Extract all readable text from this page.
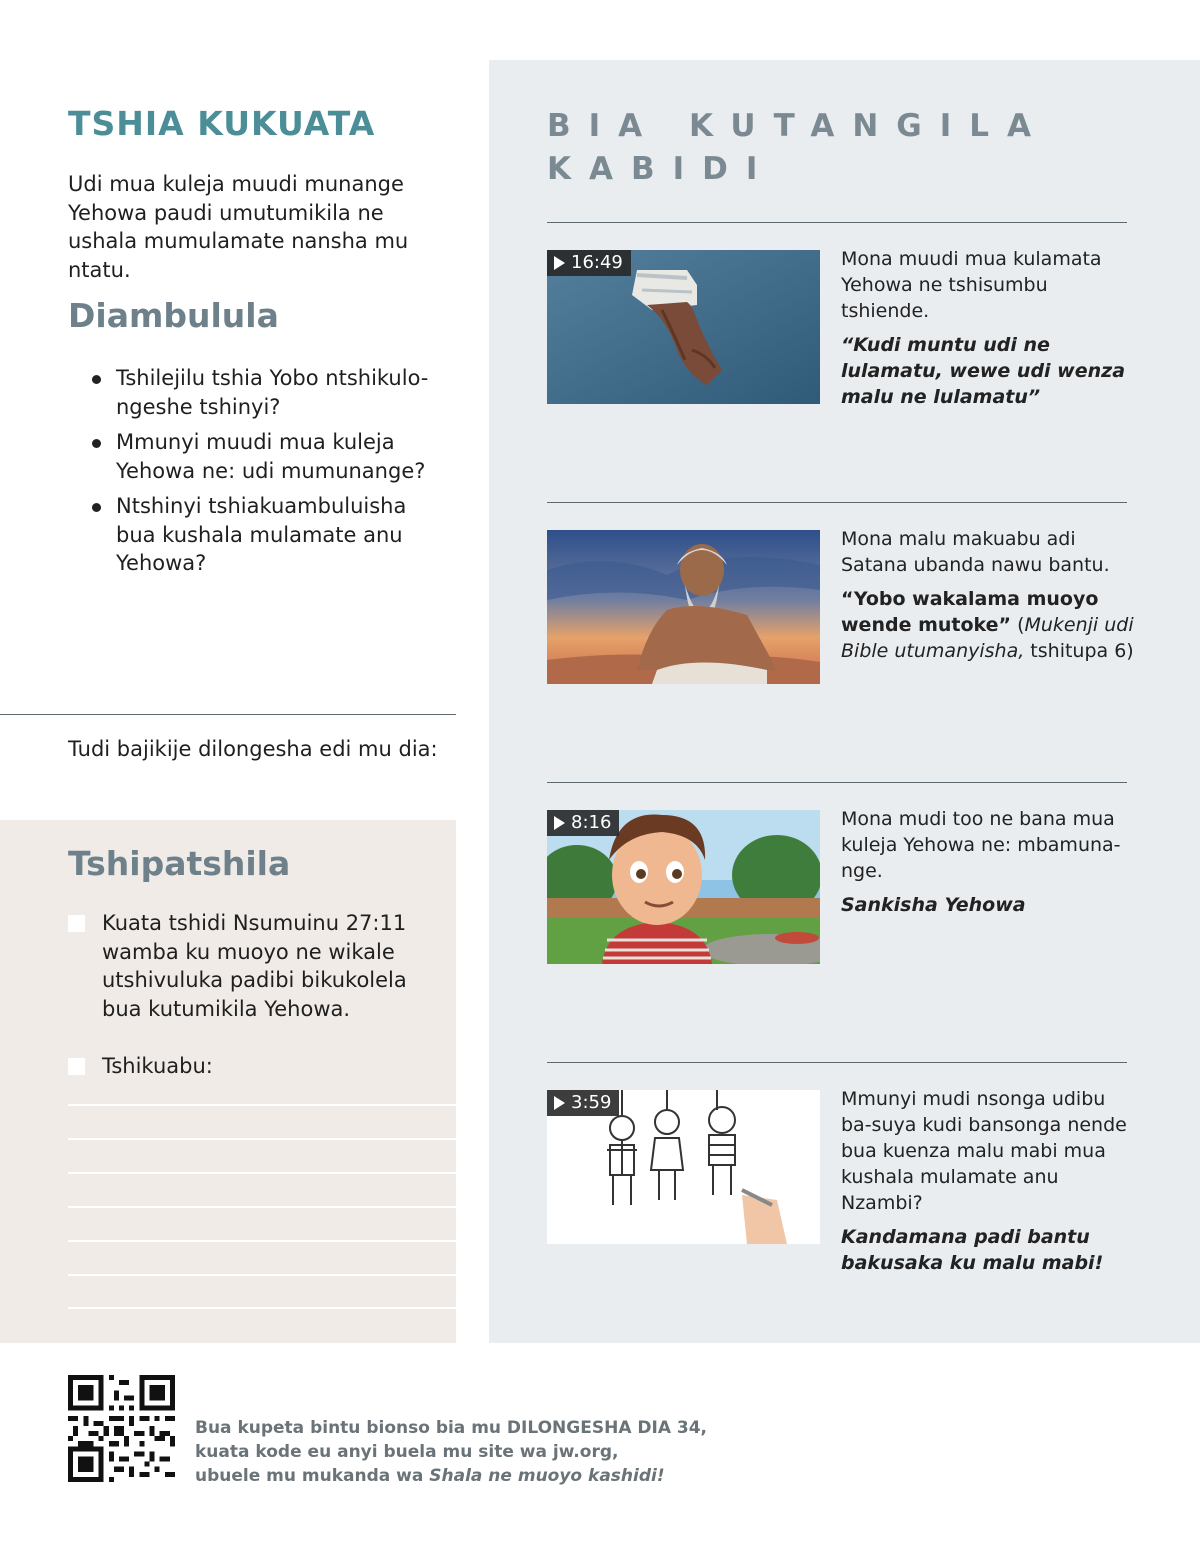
BIA KUTANGILA KABIDI
16:49	Mona muudi mua kulamata Yehowa ne tshisumbu tshiende.
“Kudi muntu udi ne lulamatu, wewe udi wenza malu ne lulamatu”
Mona malu makuabu adi Satana ubanda nawu bantu.
“Yobo wakalama muoyo wende mutoke” (Mukenji udi Bible utumanyisha, tshitupa 6)
8:16	Mona mudi too ne bana mua kuleja Yehowa ne: mbamuna-nge.
Sankisha Yehowa
3:59	Mmunyi mudi nsonga udibu ba-suya kudi bansonga nende bua kuenza malu mabi mua kushala mulamate anu Nzambi?
Kandamana padi bantu bakusaka ku malu mabi!
TSHIA KUKUATA

Udi mua kuleja muudi munange Yehowa paudi umutumikila ne ushala mumulamate nansha mu ntatu.

Diambulula
Tshilejilu tshia Yobo ntshikulo-ngeshe tshinyi?
Mmunyi muudi mua kuleja Yehowa ne: udi mumunange?
Ntshinyi tshiakuambuluisha bua kushala mulamate anu Yehowa?

Tudi bajikije dilongesha edi mu dia:

Tshipatshila
Kuata tshidi Nsumuinu 27:11 wamba ku muoyo ne wikale utshivuluka padibi bikukolela bua kutumikila Yehowa.
Tshikuabu:
Bua kupeta bintu bionso bia mu DILONGESHA DIA 34,
kuata kode eu anyi buela mu site wa jw.org,
ubuele mu mukanda wa Shala ne muoyo kashidi!
